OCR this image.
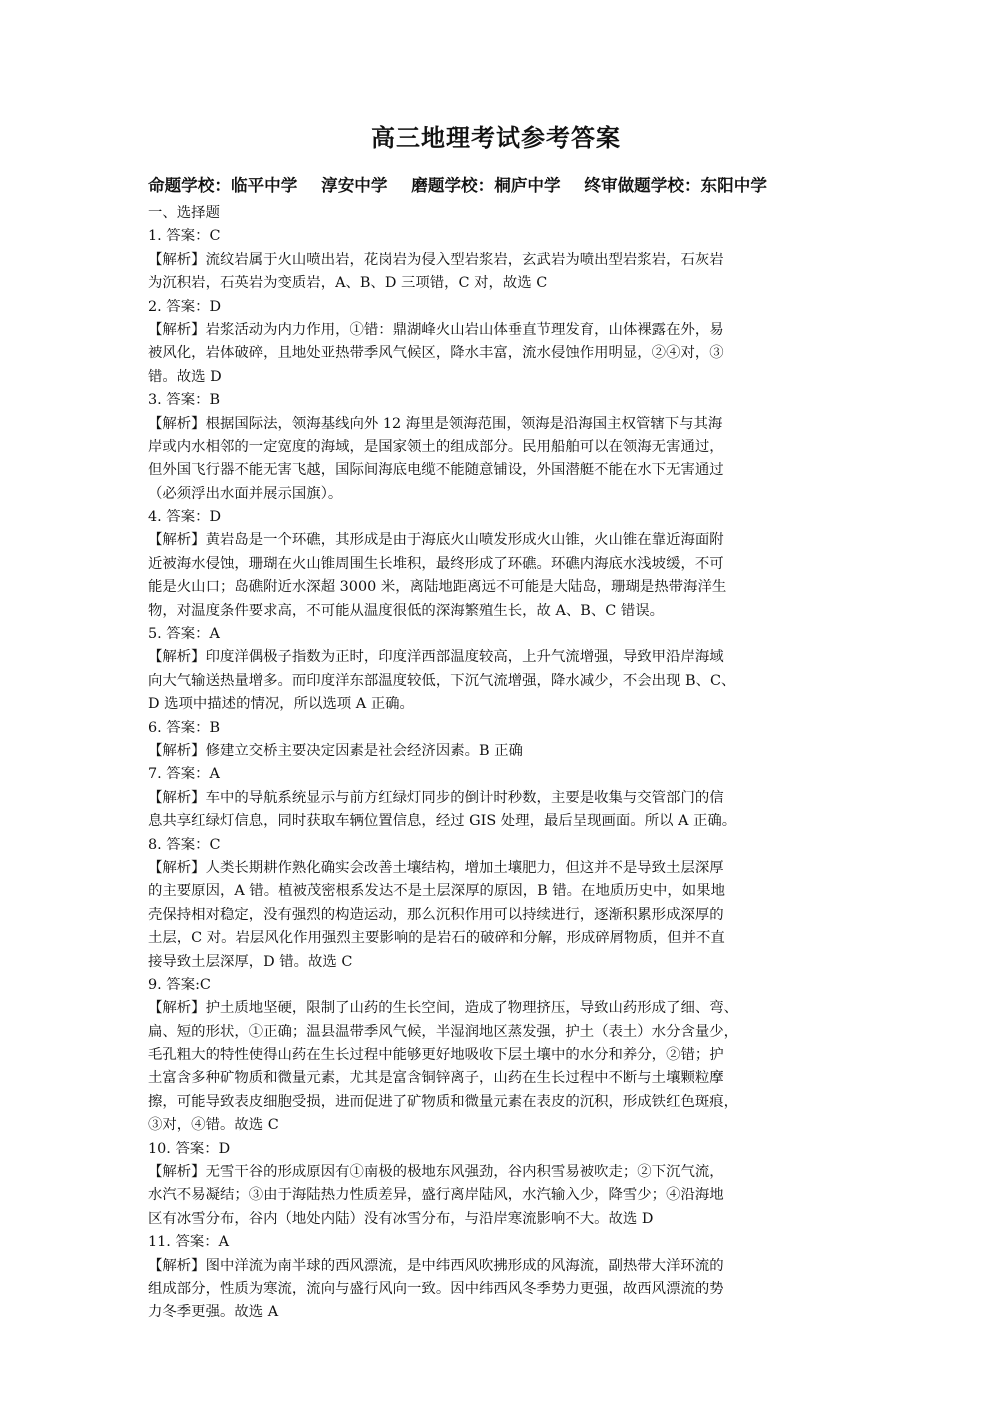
高三地理考试参考答案
命题学校：临平中学 淳安中学 磨题学校：桐庐中学 终审做题学校：东阳中学
一、选择题
1. 答案：C
【解析】流纹岩属于火山喷出岩，花岗岩为侵入型岩浆岩，玄武岩为喷出型岩浆岩，石灰岩
为沉积岩，石英岩为变质岩，A、B、D 三项错，C 对，故选 C
2. 答案：D
【解析】岩浆活动为内力作用，①错：鼎湖峰火山岩山体垂直节理发育，山体裸露在外，易
被风化，岩体破碎，且地处亚热带季风气候区，降水丰富，流水侵蚀作用明显，②④对，③
错。故选 D
3. 答案：B
【解析】根据国际法，领海基线向外 12 海里是领海范围，领海是沿海国主权管辖下与其海
岸或内水相邻的一定宽度的海域，是国家领土的组成部分。民用船舶可以在领海无害通过，
但外国飞行器不能无害飞越，国际间海底电缆不能随意铺设，外国潜艇不能在水下无害通过
（必须浮出水面并展示国旗）。
4. 答案：D
【解析】黄岩岛是一个环礁，其形成是由于海底火山喷发形成火山锥，火山锥在靠近海面附
近被海水侵蚀，珊瑚在火山锥周围生长堆积，最终形成了环礁。环礁内海底水浅坡缓，不可
能是火山口；岛礁附近水深超 3000 米，离陆地距离远不可能是大陆岛，珊瑚是热带海洋生
物，对温度条件要求高，不可能从温度很低的深海繁殖生长，故 A、B、C 错误。
5. 答案：A
【解析】印度洋偶极子指数为正时，印度洋西部温度较高，上升气流增强，导致甲沿岸海域
向大气输送热量增多。而印度洋东部温度较低，下沉气流增强，降水减少，不会出现 B、C、
D 选项中描述的情况，所以选项 A 正确。
6. 答案：B
【解析】修建立交桥主要决定因素是社会经济因素。B 正确
7. 答案：A
【解析】车中的导航系统显示与前方红绿灯同步的倒计时秒数，主要是收集与交管部门的信
息共享红绿灯信息，同时获取车辆位置信息，经过 GIS 处理，最后呈现画面。所以 A 正确。
8. 答案：C
【解析】人类长期耕作熟化确实会改善土壤结构，增加土壤肥力，但这并不是导致土层深厚
的主要原因，A 错。植被茂密根系发达不是土层深厚的原因，B 错。在地质历史中，如果地
壳保持相对稳定，没有强烈的构造运动，那么沉积作用可以持续进行，逐渐积累形成深厚的
土层，C 对。岩层风化作用强烈主要影响的是岩石的破碎和分解，形成碎屑物质，但并不直
接导致土层深厚，D 错。故选 C
9. 答案:C
【解析】护土质地坚硬，限制了山药的生长空间，造成了物理挤压，导致山药形成了细、弯、
扁、短的形状，①正确；温县温带季风气候，半湿润地区蒸发强，护土（表土）水分含量少，
毛孔粗大的特性使得山药在生长过程中能够更好地吸收下层土壤中的水分和养分，②错；护
土富含多种矿物质和微量元素，尤其是富含铜锌离子，山药在生长过程中不断与土壤颗粒摩
擦，可能导致表皮细胞受损，进而促进了矿物质和微量元素在表皮的沉积，形成铁红色斑痕，
③对，④错。故选 C
10. 答案：D
【解析】无雪干谷的形成原因有①南极的极地东风强劲，谷内积雪易被吹走；②下沉气流，
水汽不易凝结；③由于海陆热力性质差异，盛行离岸陆风，水汽输入少，降雪少；④沿海地
区有冰雪分布，谷内（地处内陆）没有冰雪分布，与沿岸寒流影响不大。故选 D
11. 答案：A
【解析】图中洋流为南半球的西风漂流，是中纬西风吹拂形成的风海流，副热带大洋环流的
组成部分，性质为寒流，流向与盛行风向一致。因中纬西风冬季势力更强，故西风漂流的势
力冬季更强。故选 A
